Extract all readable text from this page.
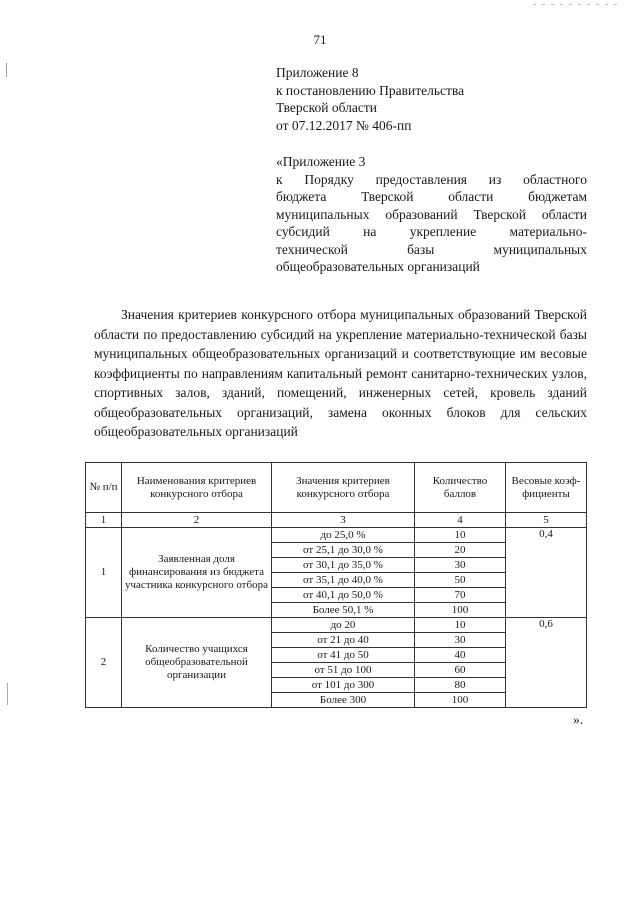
71
Приложение 8
к постановлению Правительства
Тверской области
от 07.12.2017 № 406-пп
«Приложение 3
к Порядку предоставления из областного
бюджета Тверской области бюджетам
муниципальных образований Тверской области
субсидий на укрепление материально-
технической базы муниципальных
общеобразовательных организаций
Значения критериев конкурсного отбора муниципальных образований Тверской области по предоставлению субсидий на укрепление материально-технической базы муниципальных общеобразовательных организаций и соответствующие им весовые коэффициенты по направлениям капитальный ремонт санитарно-технических узлов, спортивных залов, зданий, помещений, инженерных сетей, кровель зданий общеобразовательных организаций, замена оконных блоков для сельских общеобразовательных организаций
№ п/п	Наименования критериев конкурсного отбора	Значения критериев конкурсного отбора	Количество баллов	Весовые коэф-фициенты
1	2	3	4	5
1	Заявленная доля финансирования из бюджета участника конкурсного отбора	до 25,0 %	10	0,4
		от 25,1 до 30,0 %	20	
		от 30,1 до 35,0 %	30	
		от 35,1 до 40,0 %	50	
		от 40,1 до 50,0 %	70	
		Более 50,1 %	100	
2	Количество учащихся общеобразовательной организации	до 20	10	0,6
		от 21 до 40	30	
		от 41 до 50	40	
		от 51 до 100	60	
		от 101 до 300	80	
		Более 300	100	
».
